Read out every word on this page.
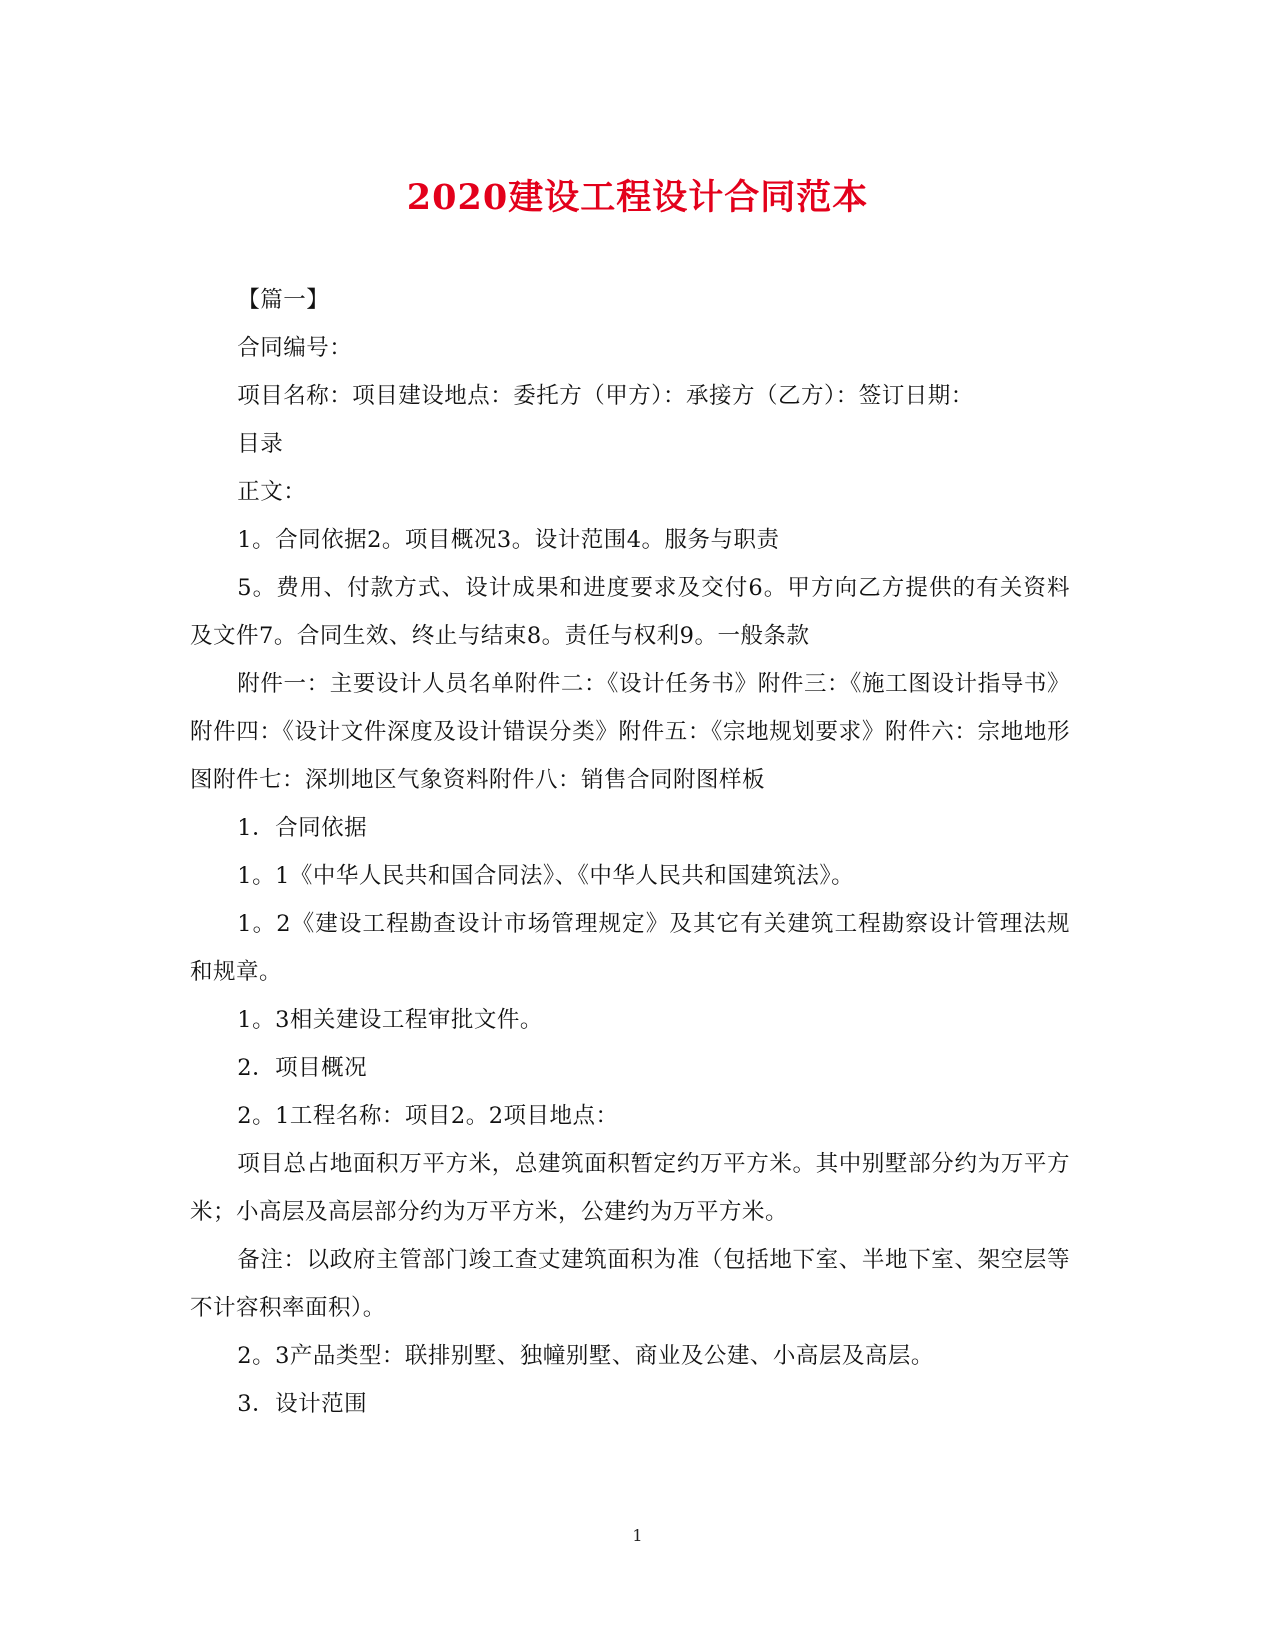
2020建设工程设计合同范本

【篇一】

合同编号：

项目名称：项目建设地点：委托方（甲方）：承接方（乙方）：签订日期：

目录

正文：

1。合同依据2。项目概况3。设计范围4。服务与职责

5。费用、付款方式、设计成果和进度要求及交付6。甲方向乙方提供的有关资料及文件7。合同生效、终止与结束8。责任与权利9。一般条款

附件一：主要设计人员名单附件二：《设计任务书》附件三：《施工图设计指导书》附件四：《设计文件深度及设计错误分类》附件五：《宗地规划要求》附件六：宗地地形图附件七：深圳地区气象资料附件八：销售合同附图样板

1．合同依据

1。1《中华人民共和国合同法》、《中华人民共和国建筑法》。

1。2《建设工程勘查设计市场管理规定》及其它有关建筑工程勘察设计管理法规和规章。

1。3相关建设工程审批文件。

2．项目概况

2。1工程名称：项目2。2项目地点：

项目总占地面积万平方米，总建筑面积暂定约万平方米。其中别墅部分约为万平方米；小高层及高层部分约为万平方米，公建约为万平方米。

备注：以政府主管部门竣工查丈建筑面积为准（包括地下室、半地下室、架空层等不计容积率面积）。

2。3产品类型：联排别墅、独幢别墅、商业及公建、小高层及高层。

3．设计范围

1
